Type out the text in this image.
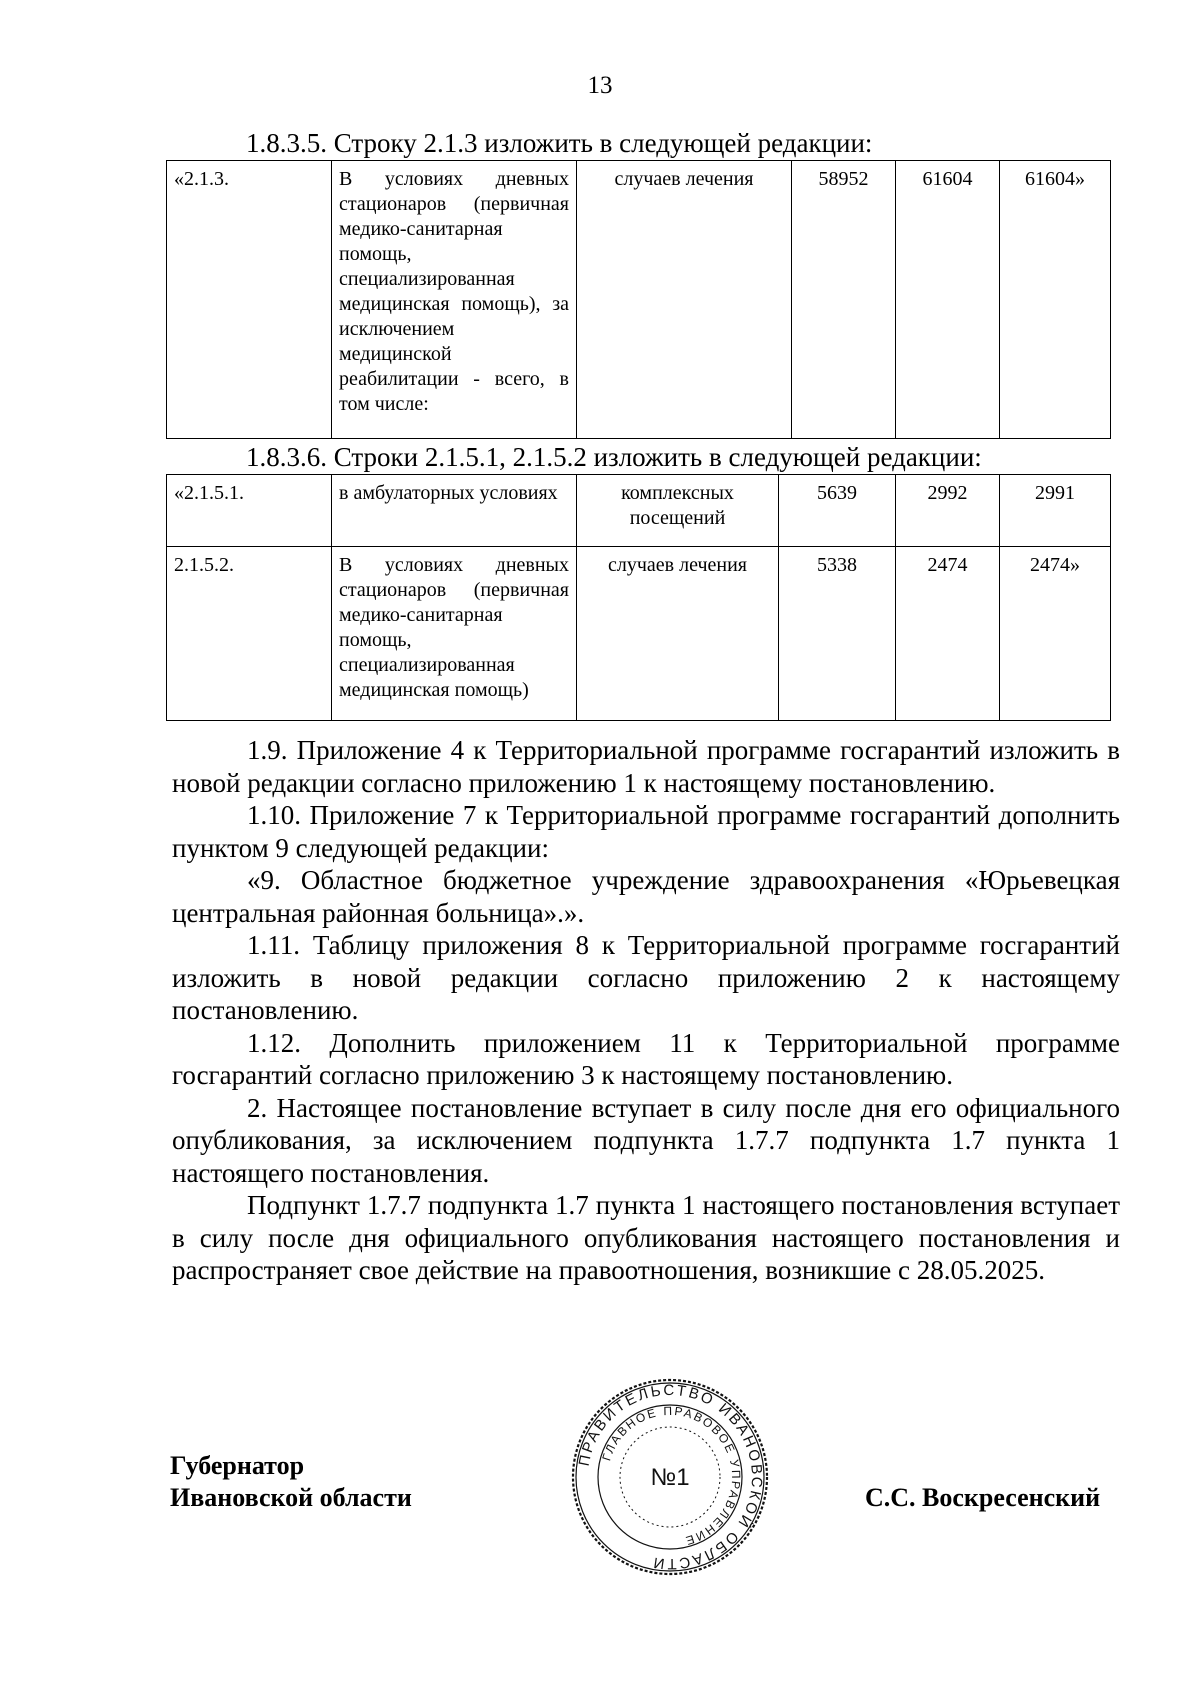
13
1.8.3.5. Строку 2.1.3 изложить в следующей редакции:
«2.1.3.	В условиях дневных стационаров (первичная медико-санитарная помощь, специализированная медицинская помощь), за исключением медицинской реабилитации - всего, в том числе:	случаев лечения	58952	61604	61604»
1.8.3.6. Строки 2.1.5.1, 2.1.5.2 изложить в следующей редакции:
«2.1.5.1.	в амбулаторных условиях	комплексных посещений	5639	2992	2991
2.1.5.2.	В условиях дневных стационаров (первичная медико-санитарная помощь, специализированная медицинская помощь)	случаев лечения	5338	2474	2474»

1.9. Приложение 4 к Территориальной программе госгарантий изложить в новой редакции согласно приложению 1 к настоящему постановлению.

1.10. Приложение 7 к Территориальной программе госгарантий дополнить пунктом 9 следующей редакции:

«9. Областное бюджетное учреждение здравоохранения «Юрьевецкая центральная районная больница».».

1.11. Таблицу приложения 8 к Территориальной программе госгарантий изложить в новой редакции согласно приложению 2 к настоящему постановлению.

1.12. Дополнить приложением 11 к Территориальной программе госгарантий согласно приложению 3 к настоящему постановлению.

2. Настоящее постановление вступает в силу после дня его официального опубликования, за исключением подпункта 1.7.7 подпункта 1.7 пункта 1 настоящего постановления.

Подпункт 1.7.7 подпункта 1.7 пункта 1 настоящего постановления вступает в силу после дня официального опубликования настоящего постановления и распространяет свое действие на правоотношения, возникшие с 28.05.2025.

Губернатор
Ивановской области	С.С. Воскресенский
ПРАВИТЕЛЬСТВО ИВАНОВСКОЙ ОБЛАСТИ
ГЛАВНОЕ ПРАВОВОЕ УПРАВЛЕНИЕ
№1
